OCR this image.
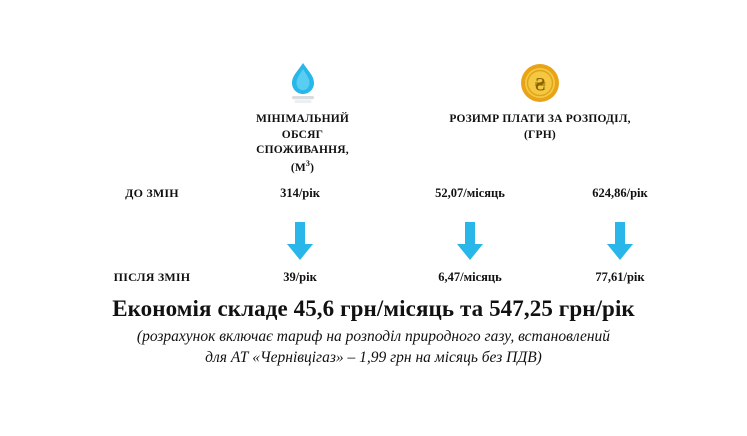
МІНІМАЛЬНИЙ
ОБСЯГ
СПОЖИВАННЯ,
$(М^3)$
₴
РОЗИМР ПЛАТИ ЗА РОЗПОДІЛ,
(ГРН)
ДО ЗМІН	314/рік	52,07/місяць	624,86/рік
ПІСЛЯ ЗМІН	39/рік	6,47/місяць	77,61/рік
Економія складе 45,6 грн/місяць та 547,25 грн/рік
(розрахунок включає тариф на розподіл природного газу, встановлений
для АТ «Чернівцігаз» – 1,99 грн на місяць без ПДВ)
